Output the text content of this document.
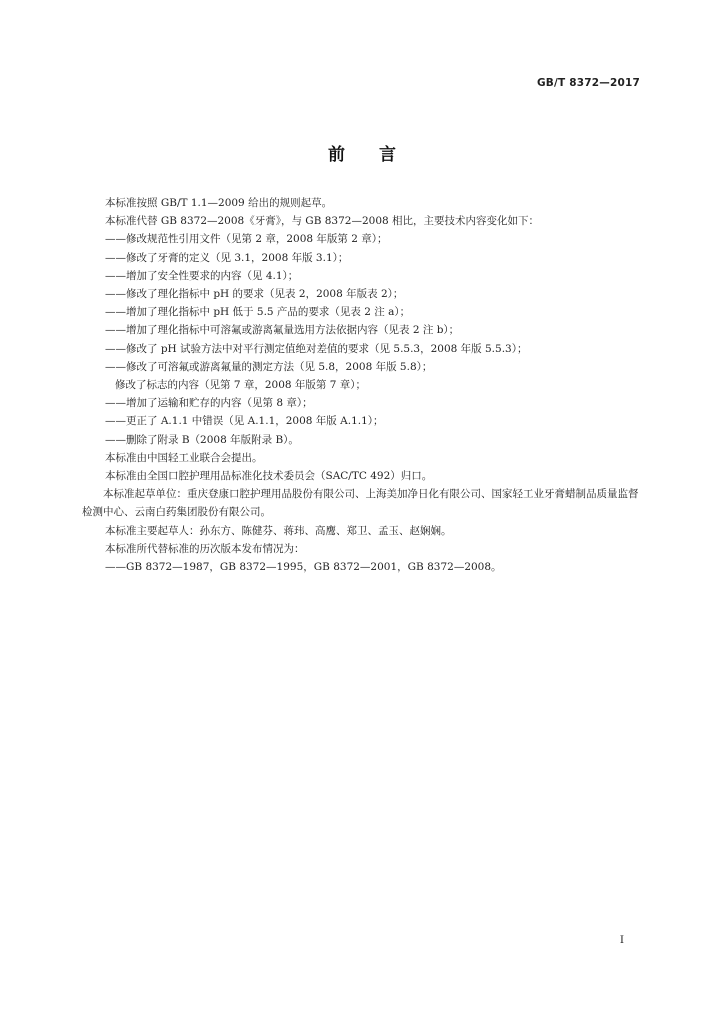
GB/T 8372—2017
前言

本标准按照 GB/T 1.1—2009 给出的规则起草。

本标准代替 GB 8372—2008《牙膏》，与 GB 8372—2008 相比，主要技术内容变化如下：

——修改规范性引用文件（见第 2 章，2008 年版第 2 章）；

——修改了牙膏的定义（见 3.1，2008 年版 3.1）；

——增加了安全性要求的内容（见 4.1）；

——修改了理化指标中 pH 的要求（见表 2，2008 年版表 2）；

——增加了理化指标中 pH 低于 5.5 产品的要求（见表 2 注 a）；

——增加了理化指标中可溶氟或游离氟量选用方法依据内容（见表 2 注 b）；

——修改了 pH 试验方法中对平行测定值绝对差值的要求（见 5.5.3，2008 年版 5.5.3）；

——修改了可溶氟或游离氟量的测定方法（见 5.8，2008 年版 5.8）；

修改了标志的内容（见第 7 章，2008 年版第 7 章）；

——增加了运输和贮存的内容（见第 8 章）；

——更正了 A.1.1 中错误（见 A.1.1，2008 年版 A.1.1）；

——删除了附录 B（2008 年版附录 B）。

本标准由中国轻工业联合会提出。

本标准由全国口腔护理用品标准化技术委员会（SAC/TC 492）归口。

本标准起草单位：重庆登康口腔护理用品股份有限公司、上海美加净日化有限公司、国家轻工业牙膏蜡制品质量监督检测中心、云南白药集团股份有限公司。

本标准主要起草人：孙东方、陈健芬、蒋玮、高鹰、郑卫、孟玉、赵娴娴。

本标准所代替标准的历次版本发布情况为：

——GB 8372—1987，GB 8372—1995，GB 8372—2001，GB 8372—2008。

I
